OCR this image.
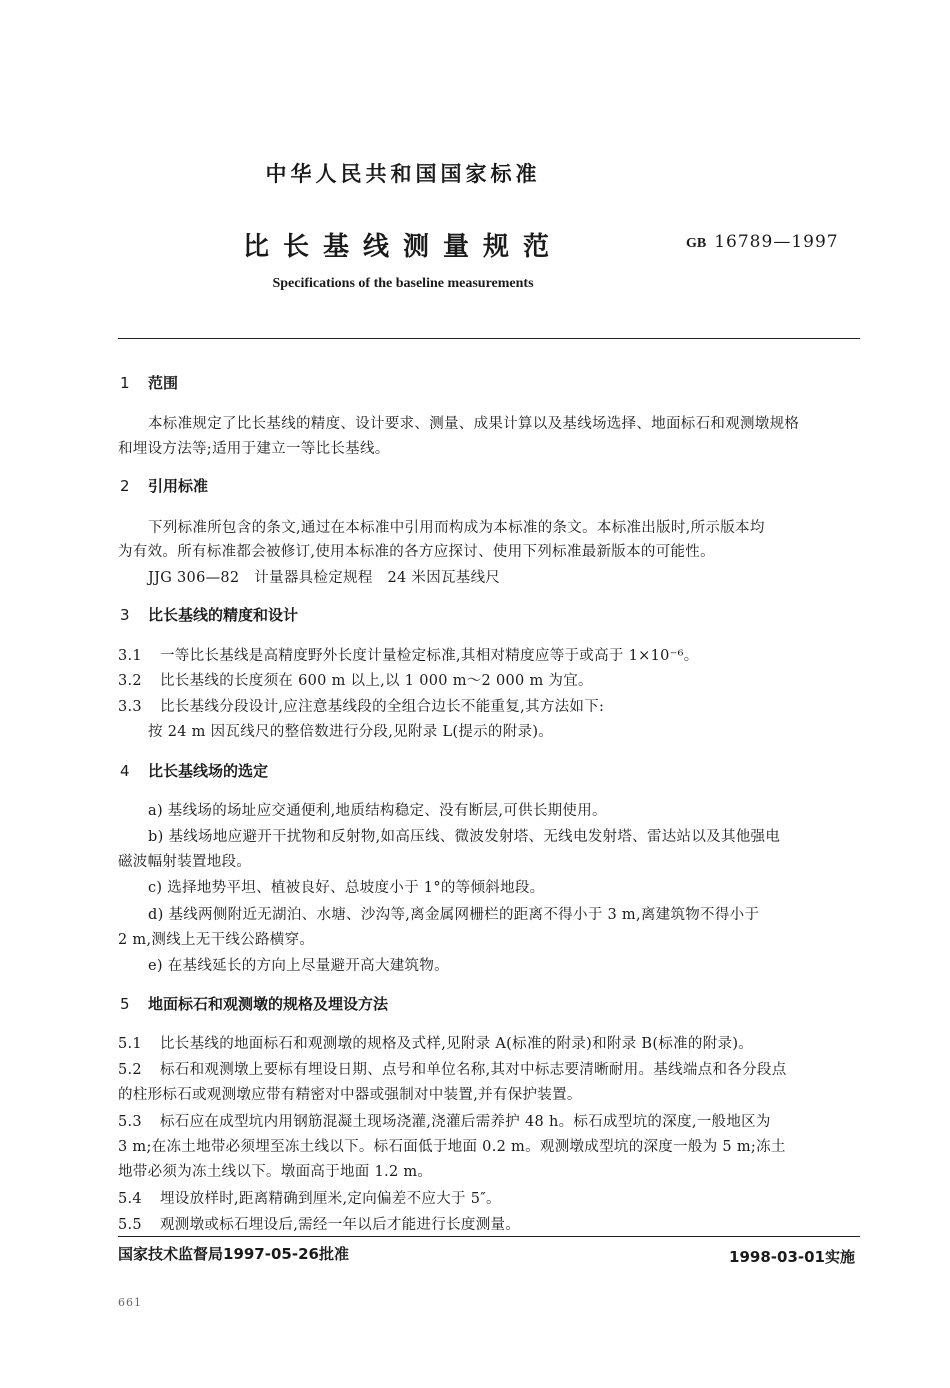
中华人民共和国国家标准
比长基线测量规范	GB 16789—1997
Specifications of the baseline measurements
1 范围
本标准规定了比长基线的精度、设计要求、测量、成果计算以及基线场选择、地面标石和观测墩规格
和埋设方法等;适用于建立一等比长基线。
2 引用标准
下列标准所包含的条文,通过在本标准中引用而构成为本标准的条文。本标准出版时,所示版本均
为有效。所有标准都会被修订,使用本标准的各方应探讨、使用下列标准最新版本的可能性。
JJG 306—82　计量器具检定规程　24 米因瓦基线尺
3 比长基线的精度和设计
3.1 一等比长基线是高精度野外长度计量检定标准,其相对精度应等于或高于 1×10⁻⁶。
3.2 比长基线的长度须在 600 m 以上,以 1 000 m～2 000 m 为宜。
3.3 比长基线分段设计,应注意基线段的全组合边长不能重复,其方法如下:
按 24 m 因瓦线尺的整倍数进行分段,见附录 L(提示的附录)。
4 比长基线场的选定
a) 基线场的场址应交通便利,地质结构稳定、没有断层,可供长期使用。
b) 基线场地应避开干扰物和反射物,如高压线、微波发射塔、无线电发射塔、雷达站以及其他强电
磁波幅射装置地段。
c) 选择地势平坦、植被良好、总坡度小于 1°的等倾斜地段。
d) 基线两侧附近无湖泊、水塘、沙沟等,离金属网栅栏的距离不得小于 3 m,离建筑物不得小于
2 m,测线上无干线公路横穿。
e) 在基线延长的方向上尽量避开高大建筑物。
5 地面标石和观测墩的规格及埋设方法
5.1 比长基线的地面标石和观测墩的规格及式样,见附录 A(标准的附录)和附录 B(标准的附录)。
5.2 标石和观测墩上要标有埋设日期、点号和单位名称,其对中标志要清晰耐用。基线端点和各分段点
的柱形标石或观测墩应带有精密对中器或强制对中装置,并有保护装置。
5.3 标石应在成型坑内用钢筋混凝土现场浇灌,浇灌后需养护 48 h。标石成型坑的深度,一般地区为
3 m;在冻土地带必须埋至冻土线以下。标石面低于地面 0.2 m。观测墩成型坑的深度一般为 5 m;冻土
地带必须为冻土线以下。墩面高于地面 1.2 m。
5.4 埋设放样时,距离精确到厘米,定向偏差不应大于 5″。
5.5 观测墩或标石埋设后,需经一年以后才能进行长度测量。
国家技术监督局1997-05-26批准	1998-03-01实施
661
